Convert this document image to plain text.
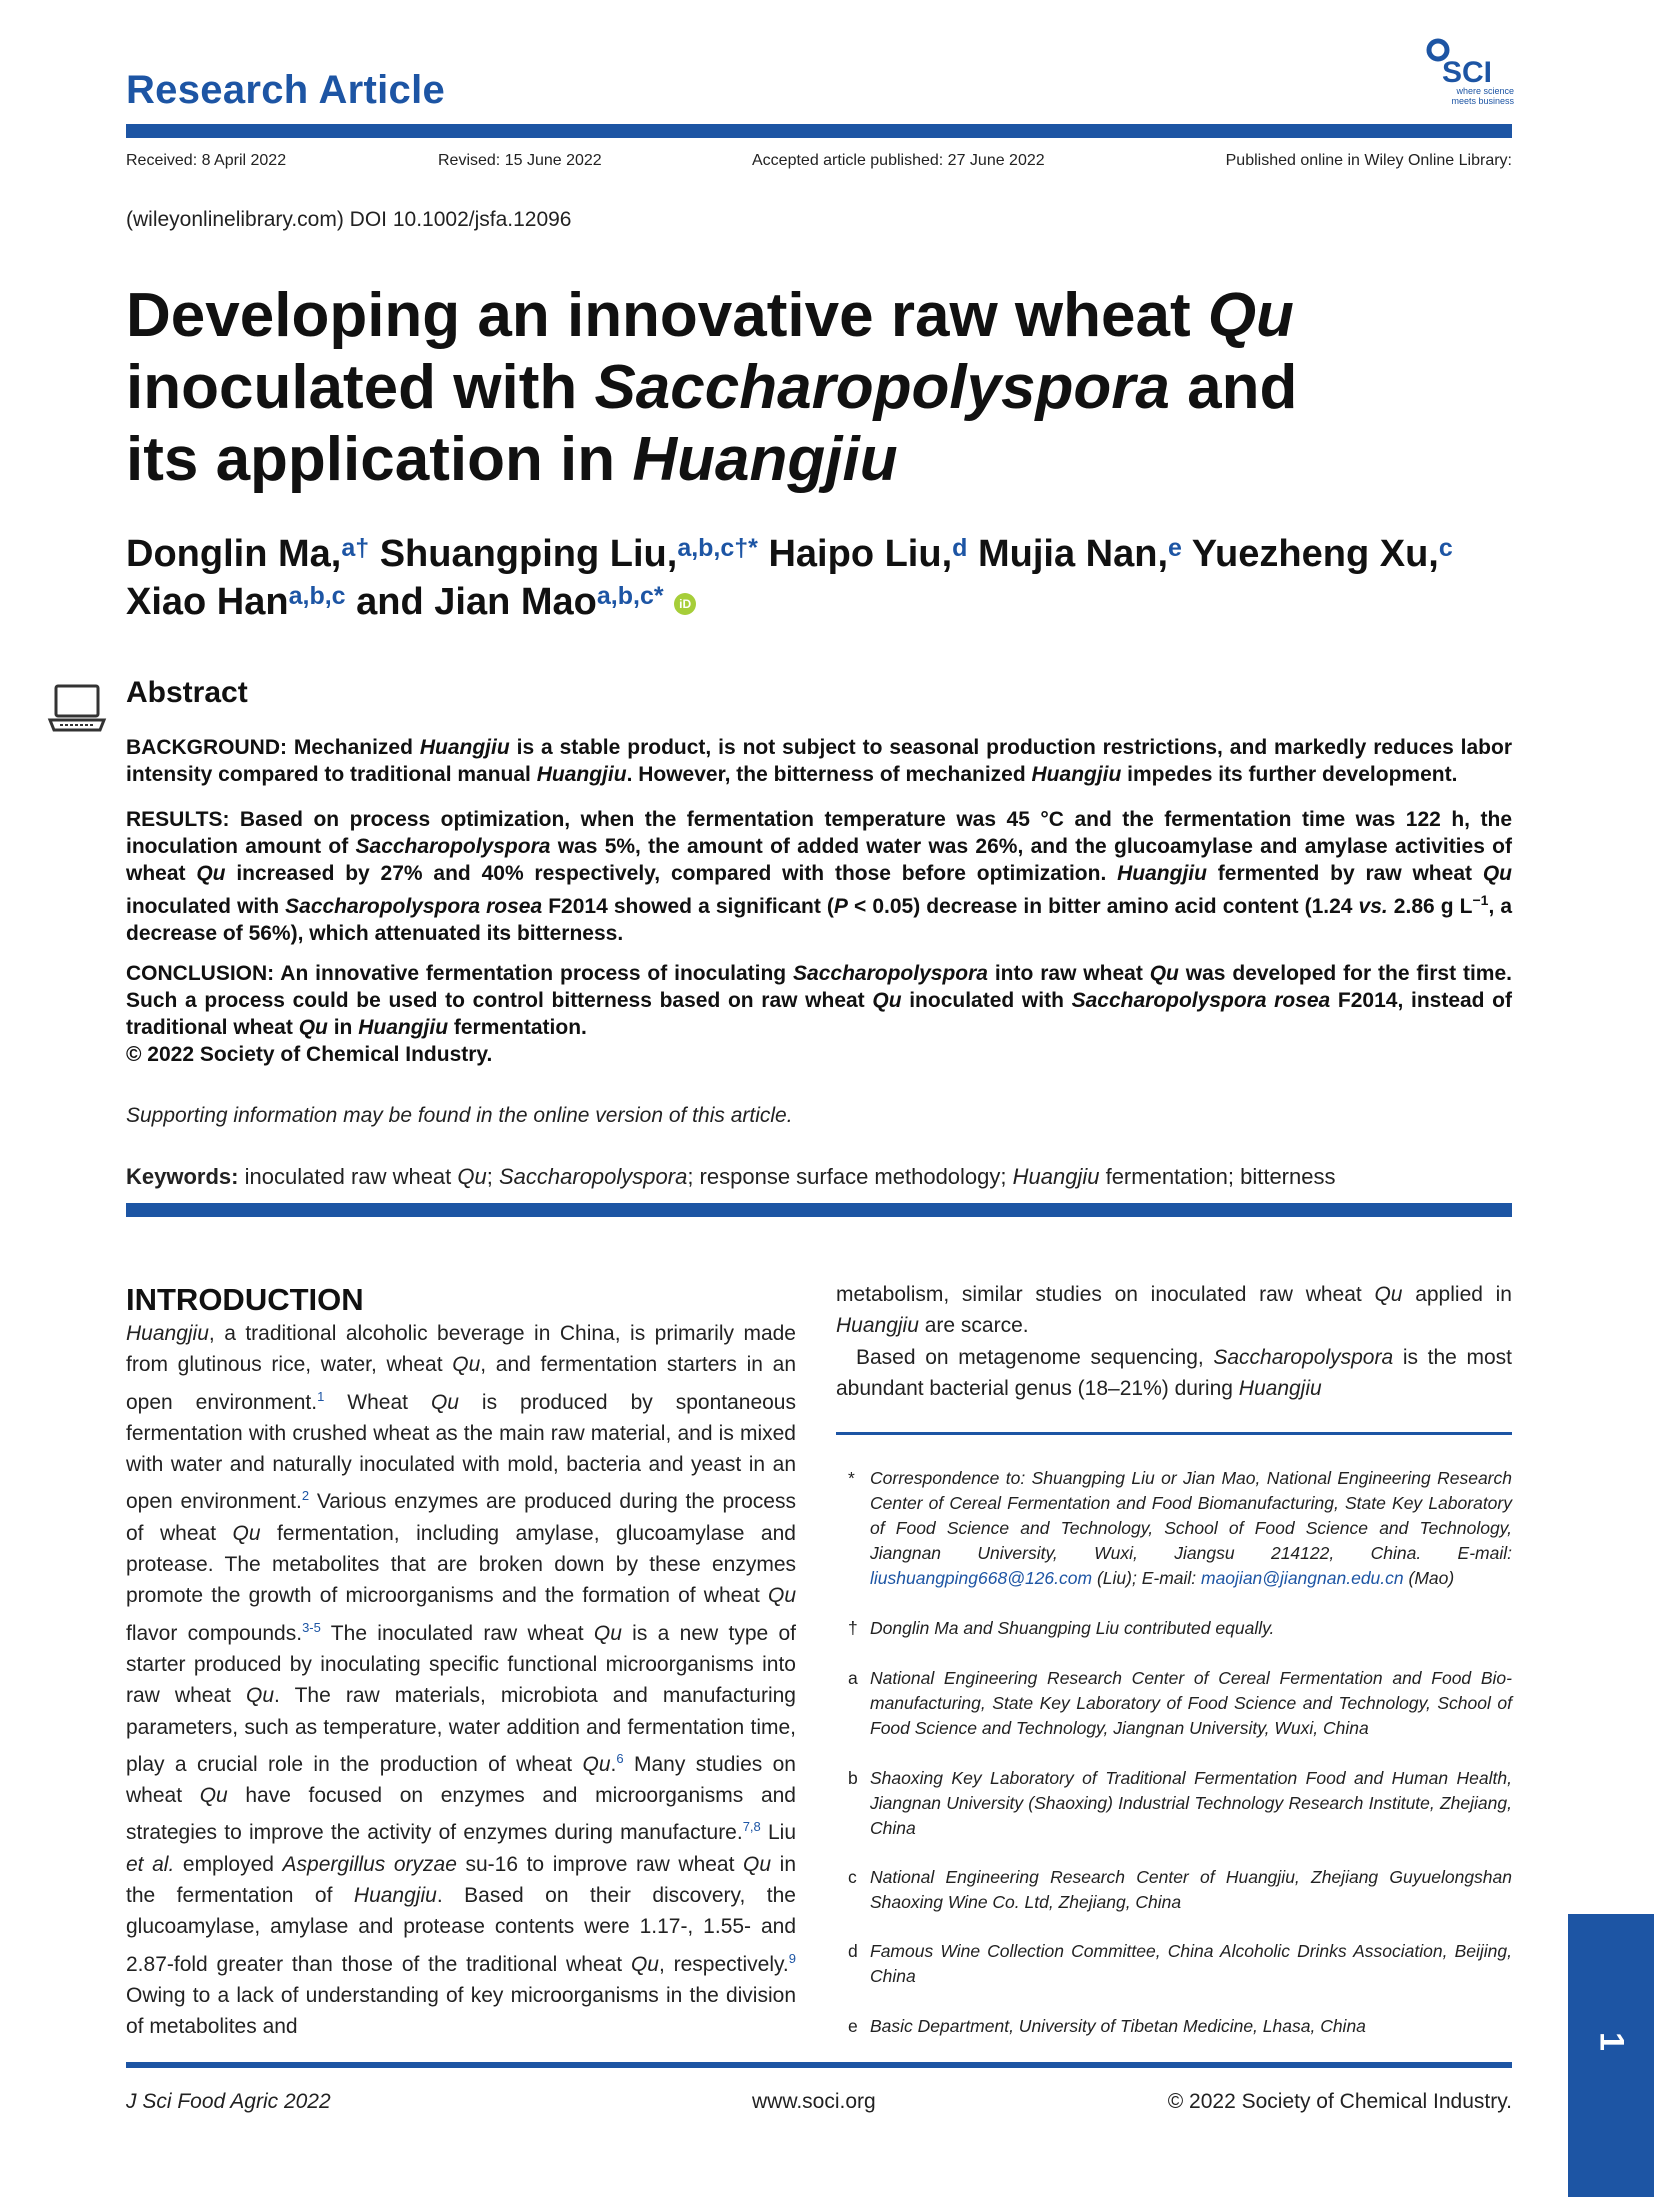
Research Article	SCI
where science
meets business
Received: 8 April 2022	Revised: 15 June 2022	Accepted article published: 27 June 2022	Published online in Wiley Online Library:
(wileyonlinelibrary.com) DOI 10.1002/jsfa.12096
Developing an innovative raw wheat Qu
inoculated with Saccharopolyspora and
its application in Huangjiu
Donglin Ma,$^{a\dagger}$ Shuangping Liu,$^{a,b,c\dagger*}$ Haipo Liu,$^d$ Mujia Nan,$^e$ Yuezheng Xu,$^c$
Xiao Han$^{a,b,c}$ and Jian Mao$^{a,b,c*}$ iD
Abstract
BACKGROUND: Mechanized Huangjiu is a stable product, is not subject to seasonal production restrictions, and markedly reduces labor intensity compared to traditional manual Huangjiu. However, the bitterness of mechanized Huangjiu impedes its further development.
RESULTS: Based on process optimization, when the fermentation temperature was 45 °C and the fermentation time was 122 h, the inoculation amount of Saccharopolyspora was 5%, the amount of added water was 26%, and the glucoamylase and amylase activities of wheat Qu increased by 27% and 40% respectively, compared with those before optimization. Huangjiu fermented by raw wheat Qu inoculated with Saccharopolyspora rosea F2014 showed a significant (P < 0.05) decrease in bitter amino acid content (1.24 vs. 2.86 g $L^{-1}$, a decrease of 56%), which attenuated its bitterness.
CONCLUSION: An innovative fermentation process of inoculating Saccharopolyspora into raw wheat Qu was developed for the first time. Such a process could be used to control bitterness based on raw wheat Qu inoculated with Saccharopolyspora rosea F2014, instead of traditional wheat Qu in Huangjiu fermentation.
© 2022 Society of Chemical Industry.
Supporting information may be found in the online version of this article.
Keywords: inoculated raw wheat Qu; Saccharopolyspora; response surface methodology; Huangjiu fermentation; bitterness
INTRODUCTION
Huangjiu, a traditional alcoholic beverage in China, is primarily made from glutinous rice, water, wheat Qu, and fermentation starters in an open environment.$^1$ Wheat Qu is produced by spontaneous fermentation with crushed wheat as the main raw material, and is mixed with water and naturally inoculated with mold, bacteria and yeast in an open environment.$^2$ Various enzymes are produced during the process of wheat Qu fermentation, including amylase, glucoamylase and protease. The metabolites that are broken down by these enzymes promote the growth of microorganisms and the formation of wheat Qu flavor compounds.$^{3-5}$ The inoculated raw wheat Qu is a new type of starter produced by inoculating specific functional microorganisms into raw wheat Qu. The raw materials, microbiota and manufacturing parameters, such as temperature, water addition and fermentation time, play a crucial role in the production of wheat Qu.$^6$ Many studies on wheat Qu have focused on enzymes and microorganisms and strategies to improve the activity of enzymes during manufacture.$^{7,8}$ Liu et al. employed Aspergillus oryzae su-16 to improve raw wheat Qu in the fermentation of Huangjiu. Based on their discovery, the glucoamylase, amylase and protease contents were 1.17-, 1.55- and 2.87-fold greater than those of the traditional wheat Qu, respectively.$^9$ Owing to a lack of understanding of key microorganisms in the division of metabolites and

metabolism, similar studies on inoculated raw wheat Qu applied in Huangjiu are scarce.

Based on metagenome sequencing, Saccharopolyspora is the most abundant bacterial genus (18–21%) during Huangjiu

* Correspondence to: Shuangping Liu or Jian Mao, National Engineering Research Center of Cereal Fermentation and Food Biomanufacturing, State Key Laboratory of Food Science and Technology, School of Food Science and Technology, Jiangnan University, Wuxi, Jiangsu 214122, China. E-mail: liushuangping668@126.com (Liu); E-mail: maojian@jiangnan.edu.cn (Mao)
† Donglin Ma and Shuangping Liu contributed equally.
a National Engineering Research Center of Cereal Fermentation and Food Biomanufacturing, State Key Laboratory of Food Science and Technology, School of Food Science and Technology, Jiangnan University, Wuxi, China
b Shaoxing Key Laboratory of Traditional Fermentation Food and Human Health, Jiangnan University (Shaoxing) Industrial Technology Research Institute, Zhejiang, China
c National Engineering Research Center of Huangjiu, Zhejiang Guyuelongshan Shaoxing Wine Co. Ltd, Zhejiang, China
d Famous Wine Collection Committee, China Alcoholic Drinks Association, Beijing, China
e Basic Department, University of Tibetan Medicine, Lhasa, China
J Sci Food Agric 2022	www.soci.org	© 2022 Society of Chemical Industry.
1
